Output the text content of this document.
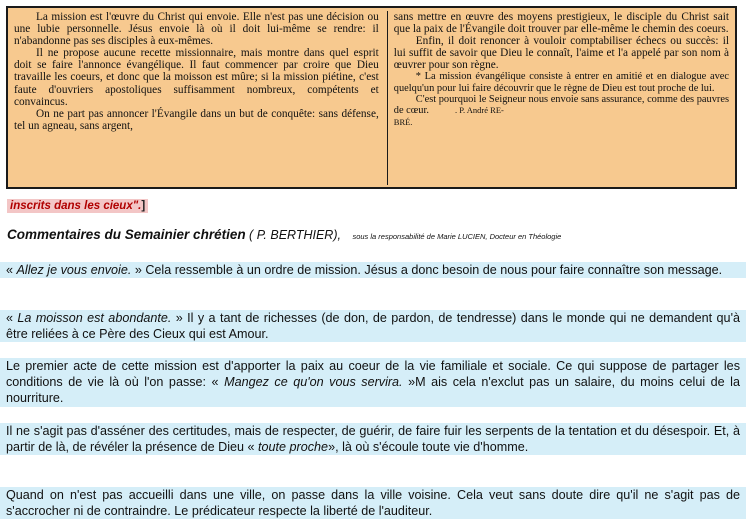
La mission est l'œuvre du Christ qui envoie. Elle n'est pas une décision ou une lubie personnelle. Jésus envoie là où il doit lui-même se rendre: il n'abandonne pas ses disciples à eux-mêmes.

Il ne propose aucune recette missionnaire, mais montre dans quel esprit doit se faire l'annonce évangélique. Il faut commencer par croire que Dieu travaille les coeurs, et donc que la moisson est mûre; si la mission piétine, c'est faute d'ouvriers apostoliques suffisamment nombreux, compétents et convaincus.

On ne part pas annoncer l'Évangile dans un but de conquête: sans défense, tel un agneau, sans argent,

sans mettre en œuvre des moyens prestigieux, le disciple du Christ sait que la paix de l'Évangile doit trouver par elle-même le chemin des coeurs.

Enfin, il doit renoncer à vouloir comptabiliser échecs ou succès: il lui suffit de savoir que Dieu le connaît, l'aime et l'a appelé par son nom à œuvrer pour son règne.

* La mission évangélique consiste à entrer en amitié et en dialogue avec quelqu'un pour lui faire découvrir que le règne de Dieu est tout proche de lui.

C'est pourquoi le Seigneur nous envoie sans assurance, comme des pauvres de cœur.	. P. André RE-

BRÉ.

inscrits dans les cieux".]
Commentaires du Semainier chrétien ( P. BERTHIER), sous la responsabilité de Marie LUCIEN, Docteur en Théologie
« Allez je vous envoie. » Cela ressemble à un ordre de mission. Jésus a donc besoin de nous pour faire connaître son message.
« La moisson est abondante. » Il y a tant de richesses (de don, de pardon, de tendresse) dans le monde qui ne demandent qu'à être reliées à ce Père des Cieux qui est Amour.
Le premier acte de cette mission est d'apporter la paix au coeur de la vie familiale et sociale. Ce qui suppose de partager les conditions de vie là où l'on passe: « Mangez ce qu'on vous servira. »M ais cela n'exclut pas un salaire, du moins celui de la nourriture.
Il ne s'agit pas d'asséner des certitudes, mais de respecter, de guérir, de faire fuir les serpents de la tentation et du désespoir. Et, à partir de là, de révéler la présence de Dieu « toute proche», là où s'écoule toute vie d'homme.
Quand on n'est pas accueilli dans une ville, on passe dans la ville voisine. Cela veut sans doute dire qu'il ne s'agit pas de s'accrocher ni de contraindre. Le prédicateur respecte la liberté de l'auditeur.
